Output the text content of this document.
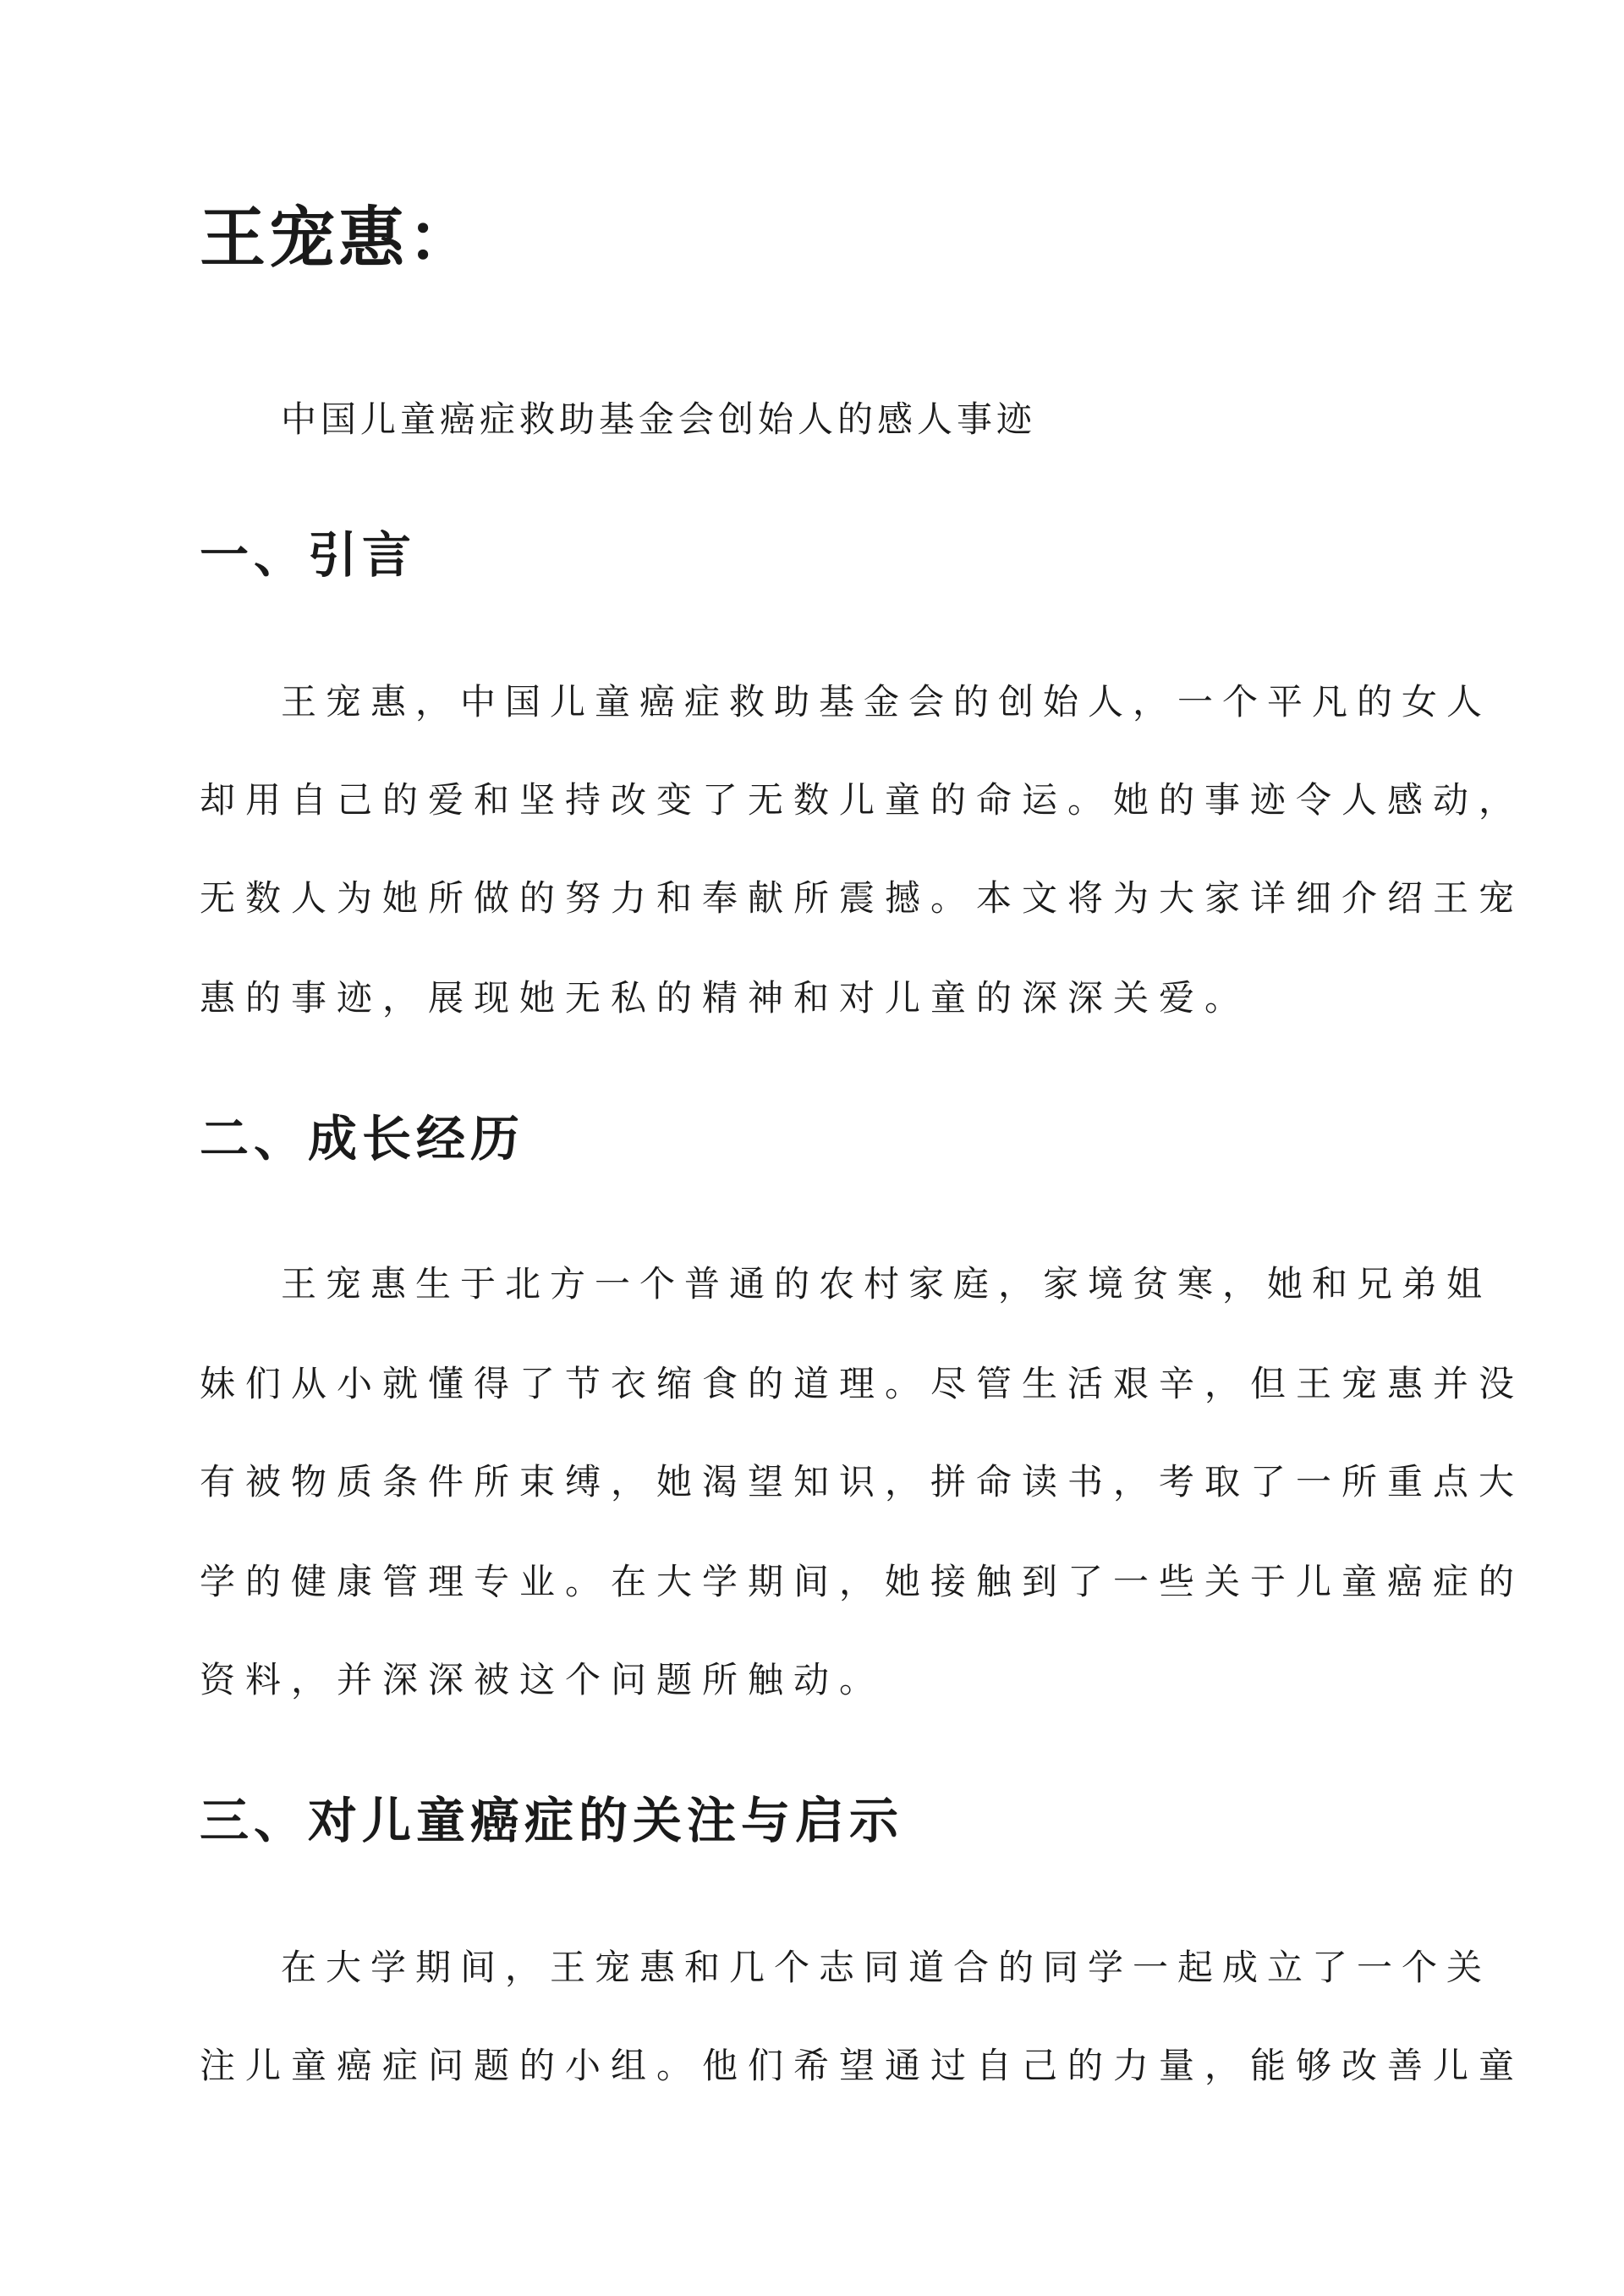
王宠惠：

中国儿童癌症救助基金会创始人的感人事迹

一、引言

王宠惠，中国儿童癌症救助基金会的创始人，一个平凡的女人

却用自己的爱和坚持改变了无数儿童的命运。她的事迹令人感动，

无数人为她所做的努力和奉献所震撼。本文将为大家详细介绍王宠

惠的事迹，展现她无私的精神和对儿童的深深关爱。

二、成长经历

王宠惠生于北方一个普通的农村家庭，家境贫寒，她和兄弟姐

妹们从小就懂得了节衣缩食的道理。尽管生活艰辛，但王宠惠并没

有被物质条件所束缚，她渴望知识，拼命读书，考取了一所重点大

学的健康管理专业。在大学期间，她接触到了一些关于儿童癌症的

资料，并深深被这个问题所触动。

三、对儿童癌症的关注与启示

在大学期间，王宠惠和几个志同道合的同学一起成立了一个关

注儿童癌症问题的小组。他们希望通过自己的力量，能够改善儿童
